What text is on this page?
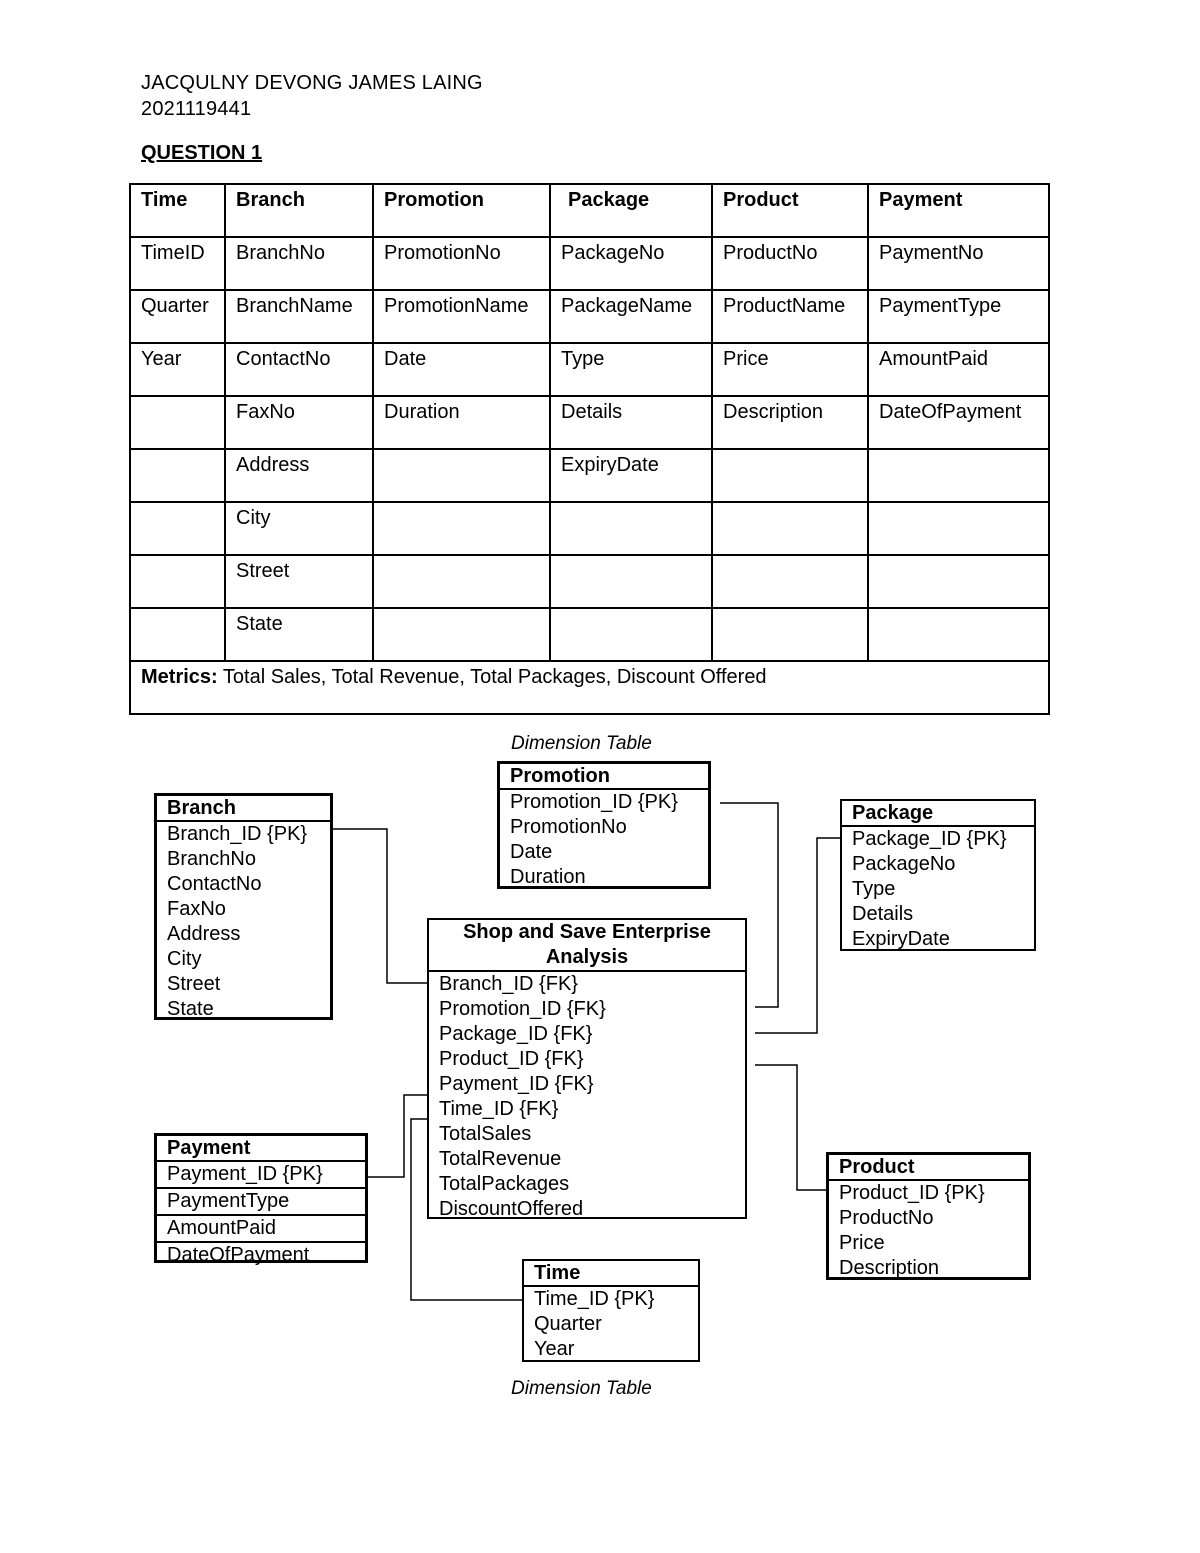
JACQULNY DEVONG JAMES LAING
2021119441
QUESTION 1
Time	Branch	Promotion	Package	Product	Payment
TimeID	BranchNo	PromotionNo	PackageNo	ProductNo	PaymentNo
Quarter	BranchName	PromotionName	PackageName	ProductName	PaymentType
Year	ContactNo	Date	Type	Price	AmountPaid
	FaxNo	Duration	Details	Description	DateOfPayment
	Address		ExpiryDate		
	City				
	Street				
	State				
Metrics: Total Sales, Total Revenue, Total Packages, Discount Offered					
Dimension Table
Branch
Branch_ID {PK}
BranchNo
ContactNo
FaxNo
Address
City
Street
State
Promotion
Promotion_ID {PK}
PromotionNo
Date
Duration
Package
Package_ID {PK}
PackageNo
Type
Details
ExpiryDate
Shop and Save Enterprise Analysis
Branch_ID {FK}
Promotion_ID {FK}
Package_ID {FK}
Product_ID {FK}
Payment_ID {FK}
Time_ID {FK}
TotalSales
TotalRevenue
TotalPackages
DiscountOffered
Payment
Payment_ID {PK}
PaymentType
AmountPaid
DateOfPayment
Product
Product_ID {PK}
ProductNo
Price
Description
Time
Time_ID {PK}
Quarter
Year
Dimension Table
